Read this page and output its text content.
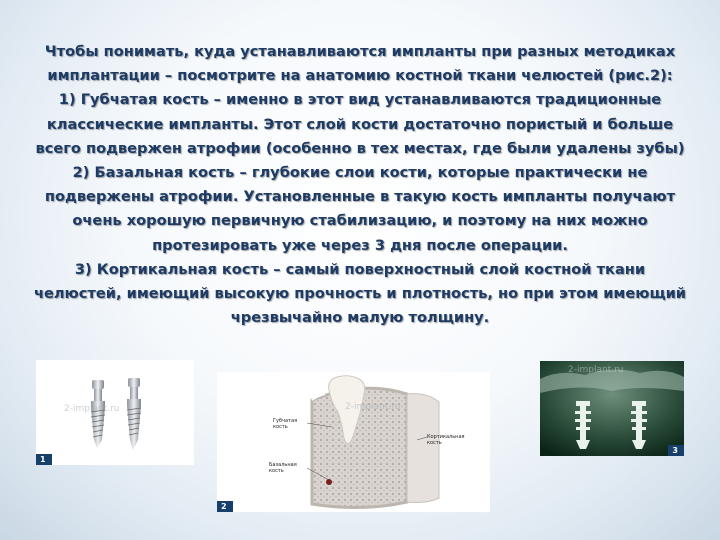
Чтобы понимать, куда устанавливаются импланты при разных методиках имплантации – посмотрите на анатомию костной ткани челюстей (рис.2):

1) Губчатая кость – именно в этот вид устанавливаются традиционные классические импланты. Этот слой кости достаточно пористый и больше всего подвержен атрофии (особенно в тех местах, где были удалены зубы)

2) Базальная кость – глубокие слои кости, которые практически не подвержены атрофии. Установленные в такую кость импланты получают очень хорошую первичную стабилизацию, и поэтому на них можно протезировать уже через 3 дня после операции.

3) Кортикальная кость – самый поверхностный слой костной ткани челюстей, имеющий высокую прочность и плотность, но при этом имеющий чрезвычайно малую толщину.

2-implant.ru
1
Губчатая кость
Кортикальная кость
Базальная кость
2-implant.ru
2
2-implant.ru
3
